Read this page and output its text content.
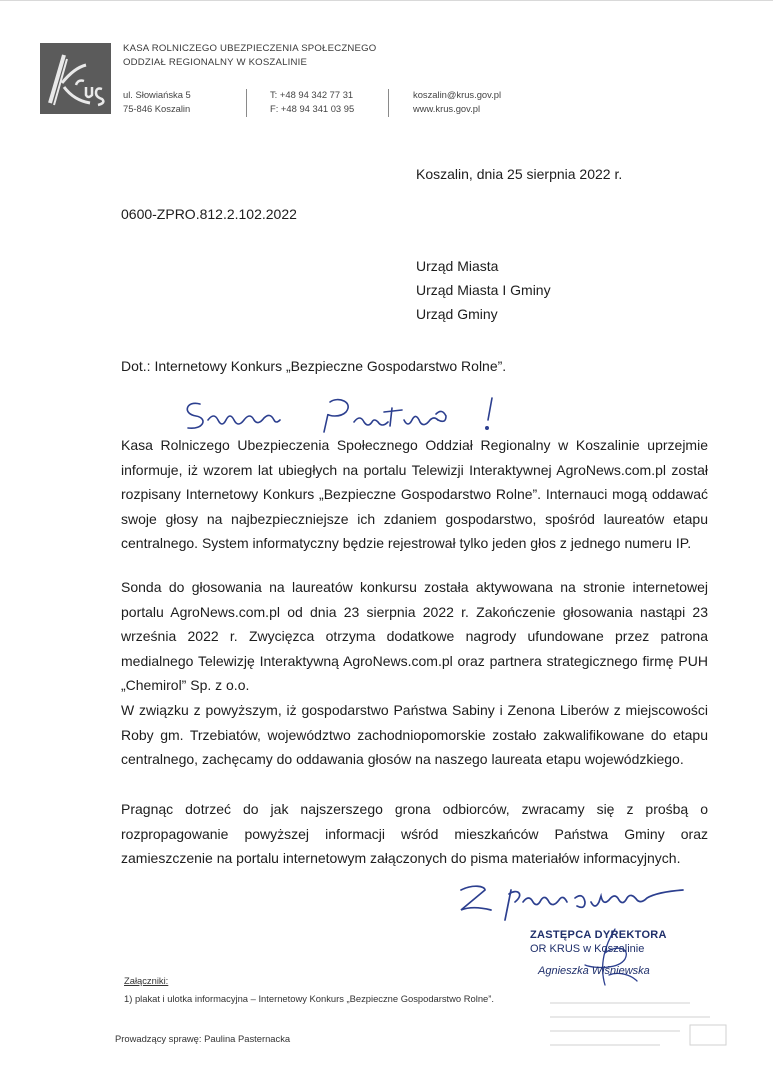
KASA ROLNICZEGO UBEZPIECZENIA SPOŁECZNEGO
ODDZIAŁ REGIONALNY W KOSZALINIE
ul. Słowiańska 5
75-846 Koszalin
T: +48 94 342 77 31
F: +48 94 341 03 95
koszalin@krus.gov.pl
www.krus.gov.pl
Koszalin, dnia 25 sierpnia 2022 r.
0600-ZPRO.812.2.102.2022
Urząd Miasta
Urząd Miasta I Gminy
Urząd Gminy
Dot.: Internetowy Konkurs „Bezpieczne Gospodarstwo Rolne”.
Kasa Rolniczego Ubezpieczenia Społecznego Oddział Regionalny w Koszalinie uprzejmie informuje, iż wzorem lat ubiegłych na portalu Telewizji Interaktywnej AgroNews.com.pl został rozpisany Internetowy Konkurs „Bezpieczne Gospodarstwo Rolne”. Internauci mogą oddawać swoje głosy na najbezpieczniejsze ich zdaniem gospodarstwo, spośród laureatów etapu centralnego. System informatyczny będzie rejestrował tylko jeden głos z jednego numeru IP.
Sonda do głosowania na laureatów konkursu została aktywowana na stronie internetowej portalu AgroNews.com.pl od dnia 23 sierpnia 2022 r. Zakończenie głosowania nastąpi 23 września 2022 r. Zwycięzca otrzyma dodatkowe nagrody ufundowane przez patrona medialnego Telewizję Interaktywną AgroNews.com.pl oraz partnera strategicznego firmę PUH „Chemirol” Sp. z o.o.
W związku z powyższym, iż gospodarstwo Państwa Sabiny i Zenona Liberów z miejscowości Roby gm. Trzebiatów, województwo zachodniopomorskie zostało zakwalifikowane do etapu centralnego, zachęcamy do oddawania głosów na naszego laureata etapu wojewódzkiego.
Pragnąc dotrzeć do jak najszerszego grona odbiorców, zwracamy się z prośbą o rozpropagowanie powyższej informacji wśród mieszkańców Państwa Gminy oraz zamieszczenie na portalu internetowym załączonych do pisma materiałów informacyjnych.
ZASTĘPCA DYREKTORA
OR KRUS w Koszalinie
Agnieszka Wiśniewska
Załączniki:
1) plakat i ulotka informacyjna – Internetowy Konkurs „Bezpieczne Gospodarstwo Rolne”.
Prowadzący sprawę: Paulina Pasternacka
